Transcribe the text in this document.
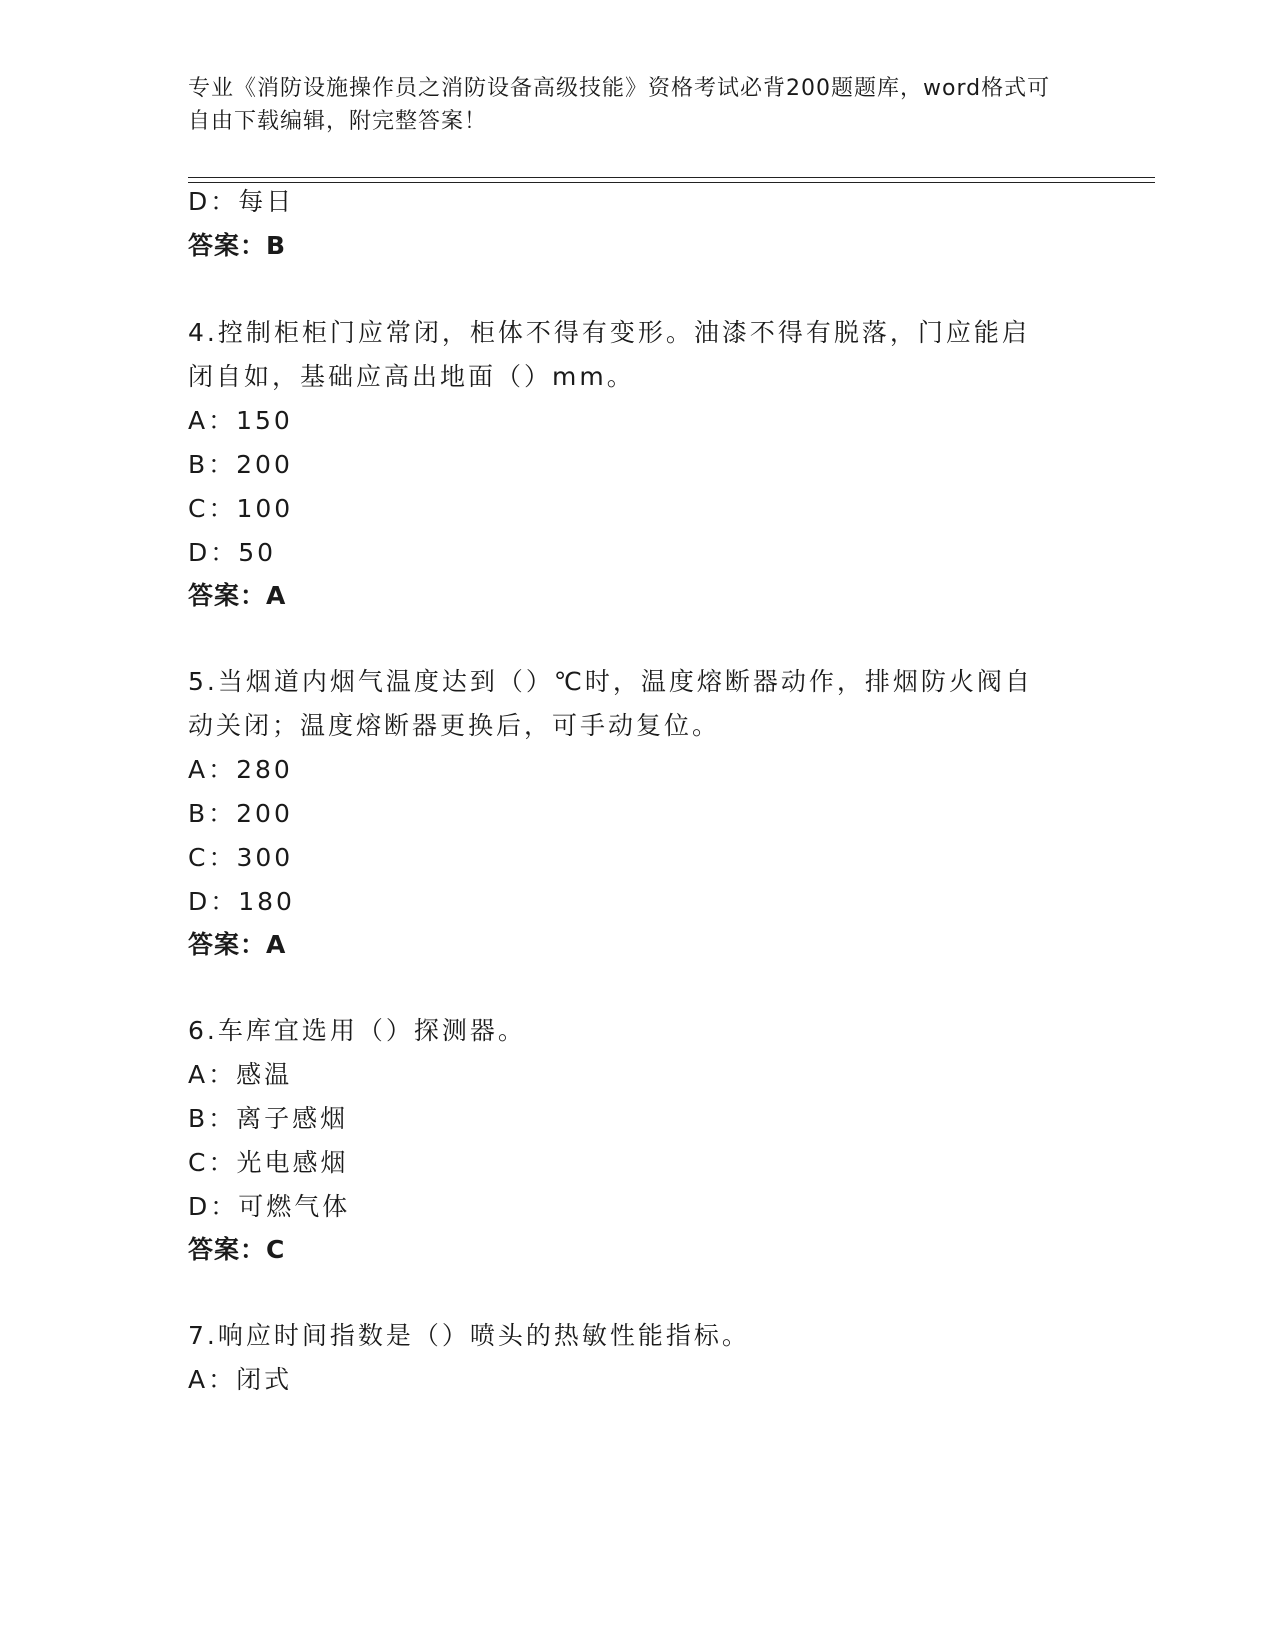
专业《消防设施操作员之消防设备高级技能》资格考试必背200题题库，word格式可自由下载编辑，附完整答案！
D：每日
答案：B
4.控制柜柜门应常闭，柜体不得有变形。油漆不得有脱落，门应能启
闭自如，基础应高出地面（）mm。
A：150
B：200
C：100
D：50
答案：A
5.当烟道内烟气温度达到（）℃时，温度熔断器动作，排烟防火阀自
动关闭；温度熔断器更换后，可手动复位。
A：280
B：200
C：300
D：180
答案：A
6.车库宜选用（）探测器。
A：感温
B：离子感烟
C：光电感烟
D：可燃气体
答案：C
7.响应时间指数是（）喷头的热敏性能指标。
A：闭式
